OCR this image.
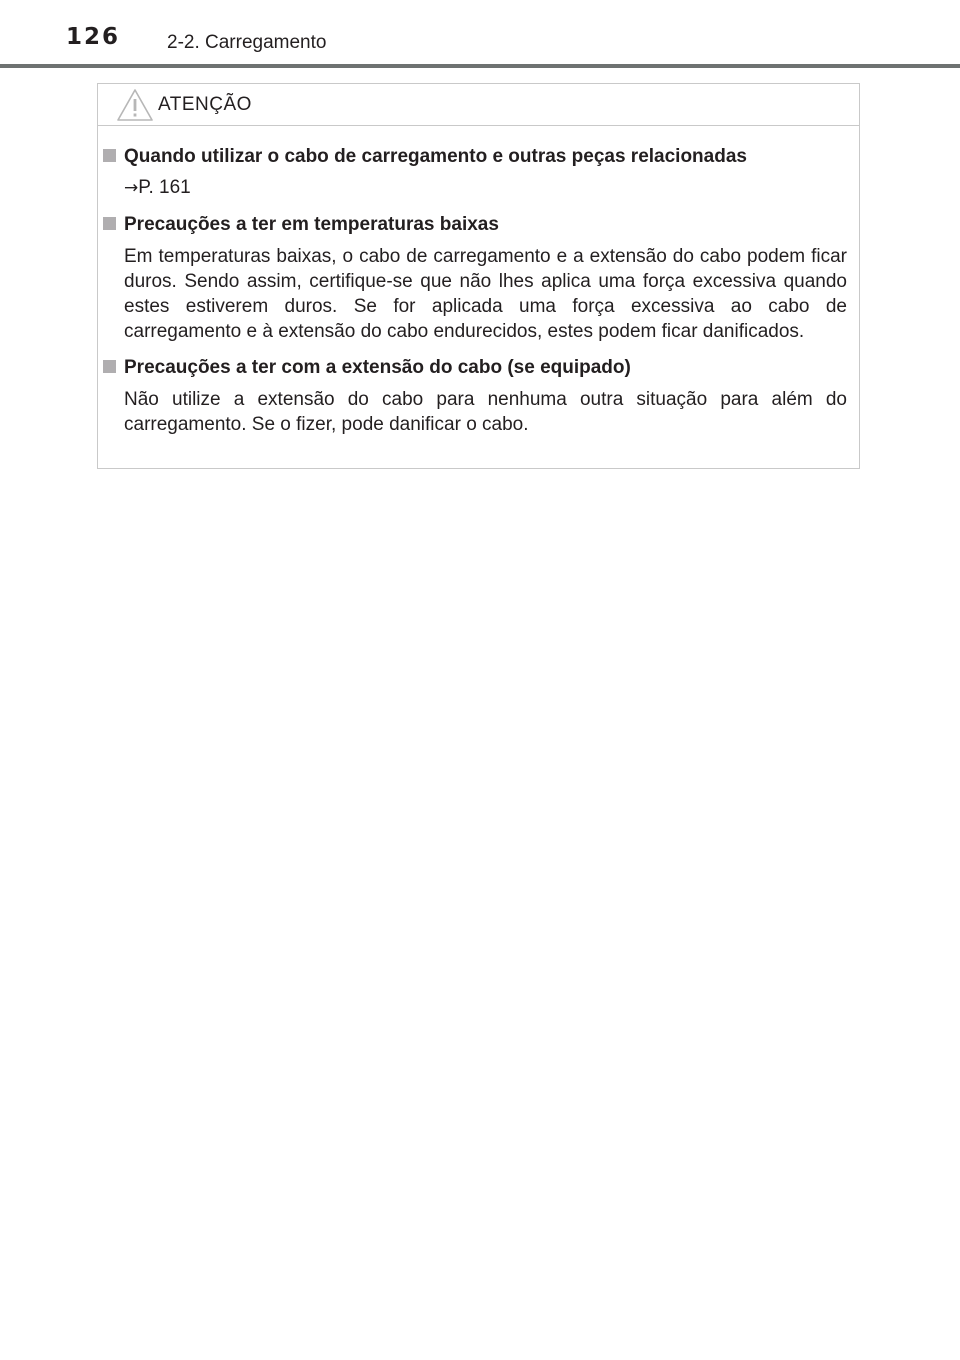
126 2-2. Carregamento
ATENÇÃO
Quando utilizar o cabo de carregamento e outras peças relacionadas
→P. 161
Precauções a ter em temperaturas baixas
Em temperaturas baixas, o cabo de carregamento e a extensão do cabo podem ficar duros. Sendo assim, certifique-se que não lhes aplica uma força excessiva quando estes estiverem duros. Se for aplicada uma força excessiva ao cabo de carregamento e à extensão do cabo endurecidos, estes podem ficar danificados.
Precauções a ter com a extensão do cabo (se equipado)
Não utilize a extensão do cabo para nenhuma outra situação para além do carregamento. Se o fizer, pode danificar o cabo.
